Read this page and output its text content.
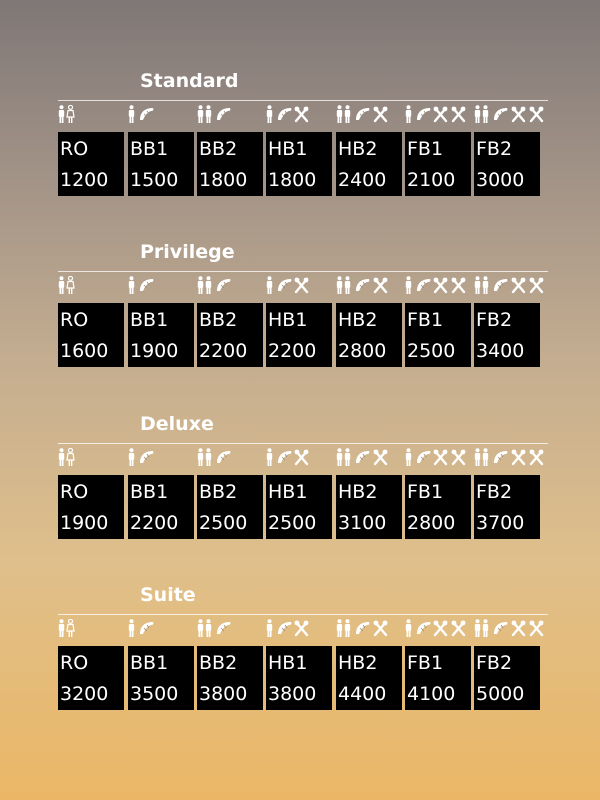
Standard
RO
1200
BB1
1500
BB2
1800
HB1
1800
HB2
2400
FB1
2100
FB2
3000
Privilege
RO
1600
BB1
1900
BB2
2200
HB1
2200
HB2
2800
FB1
2500
FB2
3400
Deluxe
RO
1900
BB1
2200
BB2
2500
HB1
2500
HB2
3100
FB1
2800
FB2
3700
Suite
RO
3200
BB1
3500
BB2
3800
HB1
3800
HB2
4400
FB1
4100
FB2
5000
